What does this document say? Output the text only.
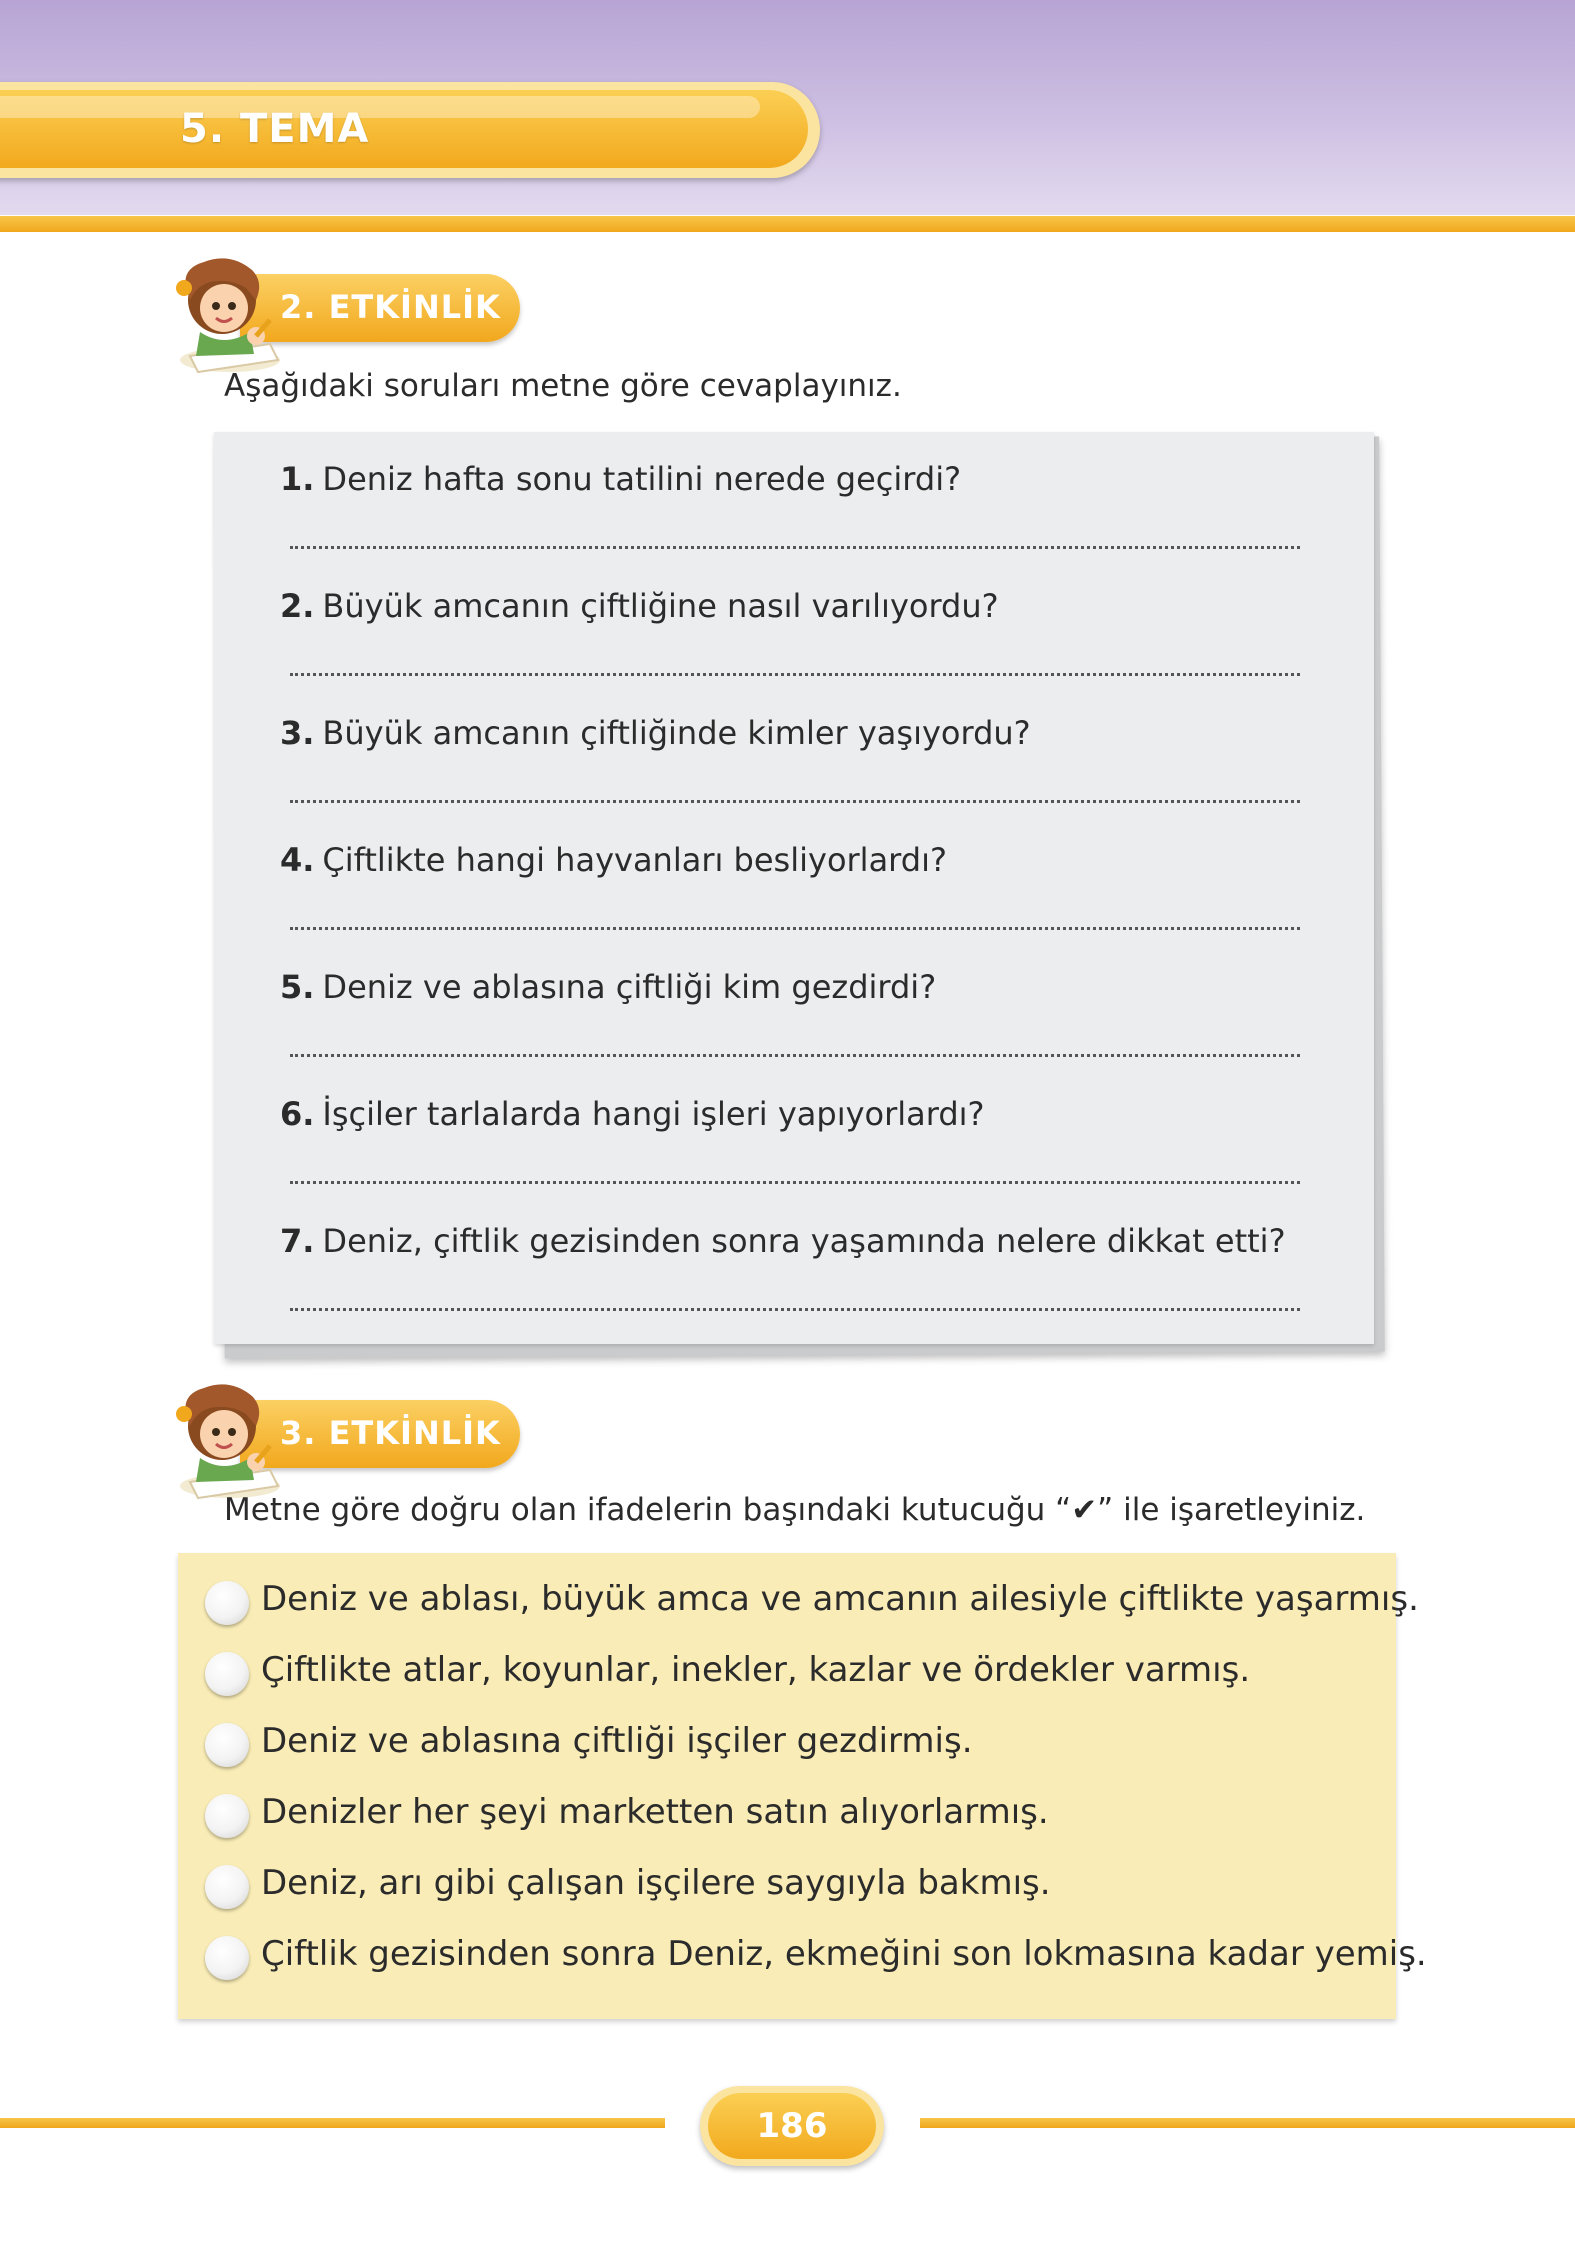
5. TEMA
2. ETKİNLİK
Aşağıdaki soruları metne göre cevaplayınız.
1. Deniz hafta sonu tatilini nerede geçirdi?
2. Büyük amcanın çiftliğine nasıl varılıyordu?
3. Büyük amcanın çiftliğinde kimler yaşıyordu?
4. Çiftlikte hangi hayvanları besliyorlardı?
5. Deniz ve ablasına çiftliği kim gezdirdi?
6. İşçiler tarlalarda hangi işleri yapıyorlardı?
7. Deniz, çiftlik gezisinden sonra yaşamında nelere dikkat etti?
3. ETKİNLİK
Metne göre doğru olan ifadelerin başındaki kutucuğu “✔” ile işaretleyiniz.
Deniz ve ablası, büyük amca ve amcanın ailesiyle çiftlikte yaşarmış.
Çiftlikte atlar, koyunlar, inekler, kazlar ve ördekler varmış.
Deniz ve ablasına çiftliği işçiler gezdirmiş.
Denizler her şeyi marketten satın alıyorlarmış.
Deniz, arı gibi çalışan işçilere saygıyla bakmış.
Çiftlik gezisinden sonra Deniz, ekmeğini son lokmasına kadar yemiş.
186
